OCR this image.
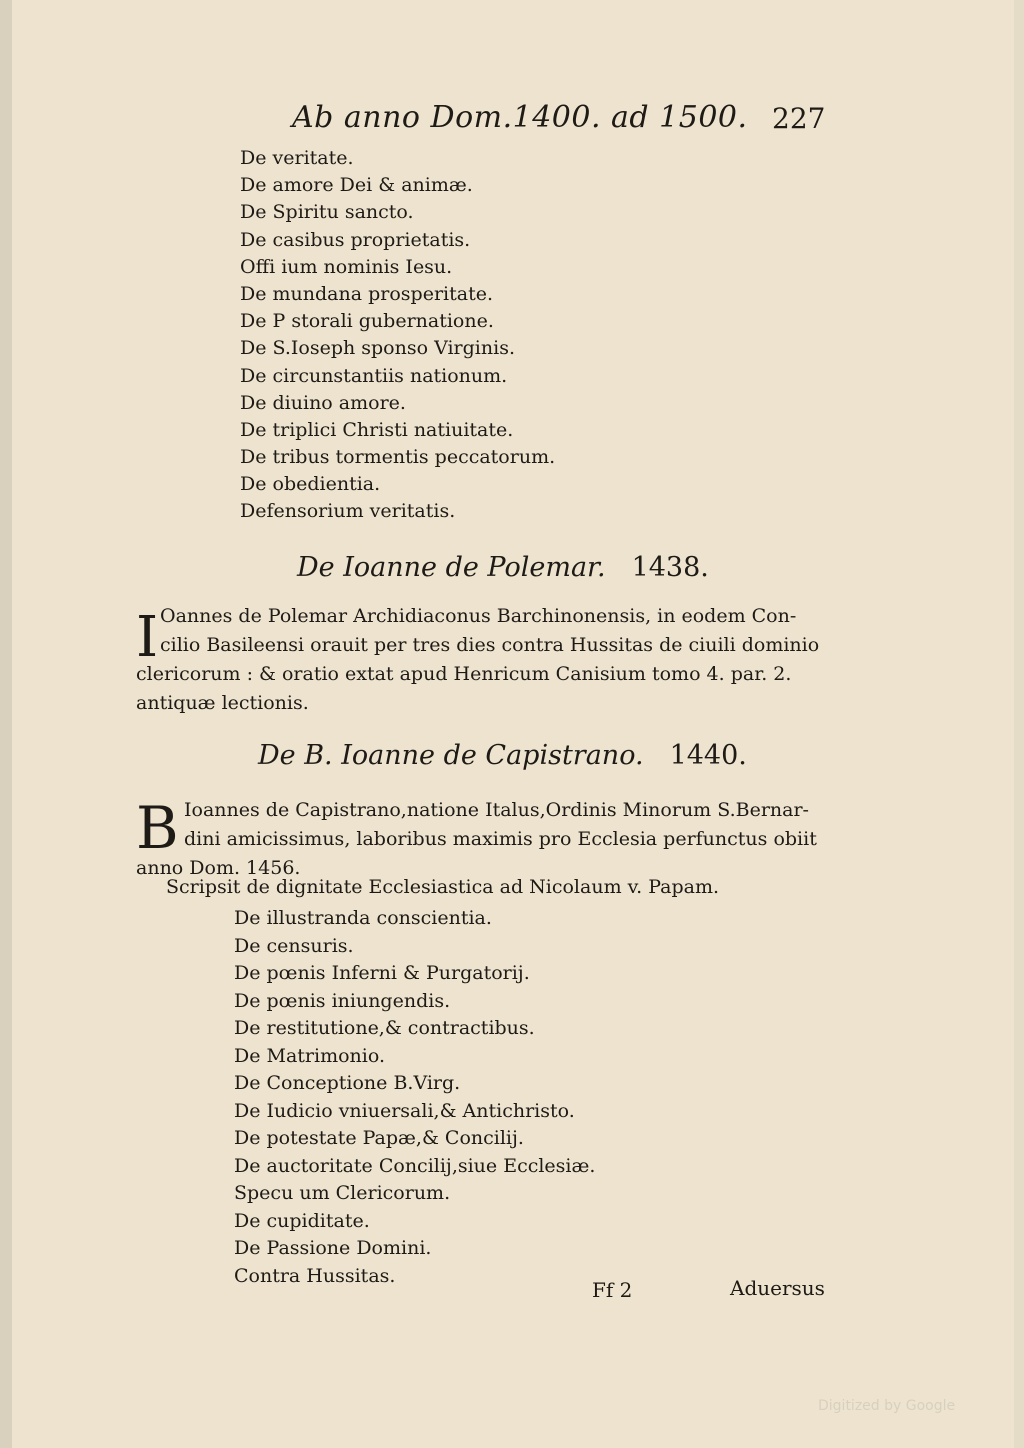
Ab anno Dom.1400. ad 1500. 227
De veritate.
De amore Dei & animæ.
De Spiritu sancto.
De casibus proprietatis.
Offi ium nominis Iesu.
De mundana prosperitate.
De P storali gubernatione.
De S.Ioseph sponso Virginis.
De circunstantiis nationum.
De diuino amore.
De triplici Christi natiuitate.
De tribus tormentis peccatorum.
De obedientia.
Defensorium veritatis.
De Ioanne de Polemar. 1438.
I Oannes de Polemar Archidiaconus Barchinonensis, in eodem Con-
cilio Basileensi orauit per tres dies contra Hussitas de ciuili dominio
clericorum : & oratio extat apud Henricum Canisium tomo 4. par. 2.
antiquæ lectionis.
De B. Ioanne de Capistrano. 1440.
B Ioannes de Capistrano,natione Italus,Ordinis Minorum S.Bernar-
dini amicissimus, laboribus maximis pro Ecclesia perfunctus obiit
anno Dom. 1456.
Scripsit de dignitate Ecclesiastica ad Nicolaum v. Papam.
De illustranda conscientia.
De censuris.
De pœnis Inferni & Purgatorij.
De pœnis iniungendis.
De restitutione,& contractibus.
De Matrimonio.
De Conceptione B.Virg.
De Iudicio vniuersali,& Antichristo.
De potestate Papæ,& Concilij.
De auctoritate Concilij,siue Ecclesiæ.
Specu um Clericorum.
De cupiditate.
De Passione Domini.
Contra Hussitas.
Ff 2	Aduersus
Digitized by Google
